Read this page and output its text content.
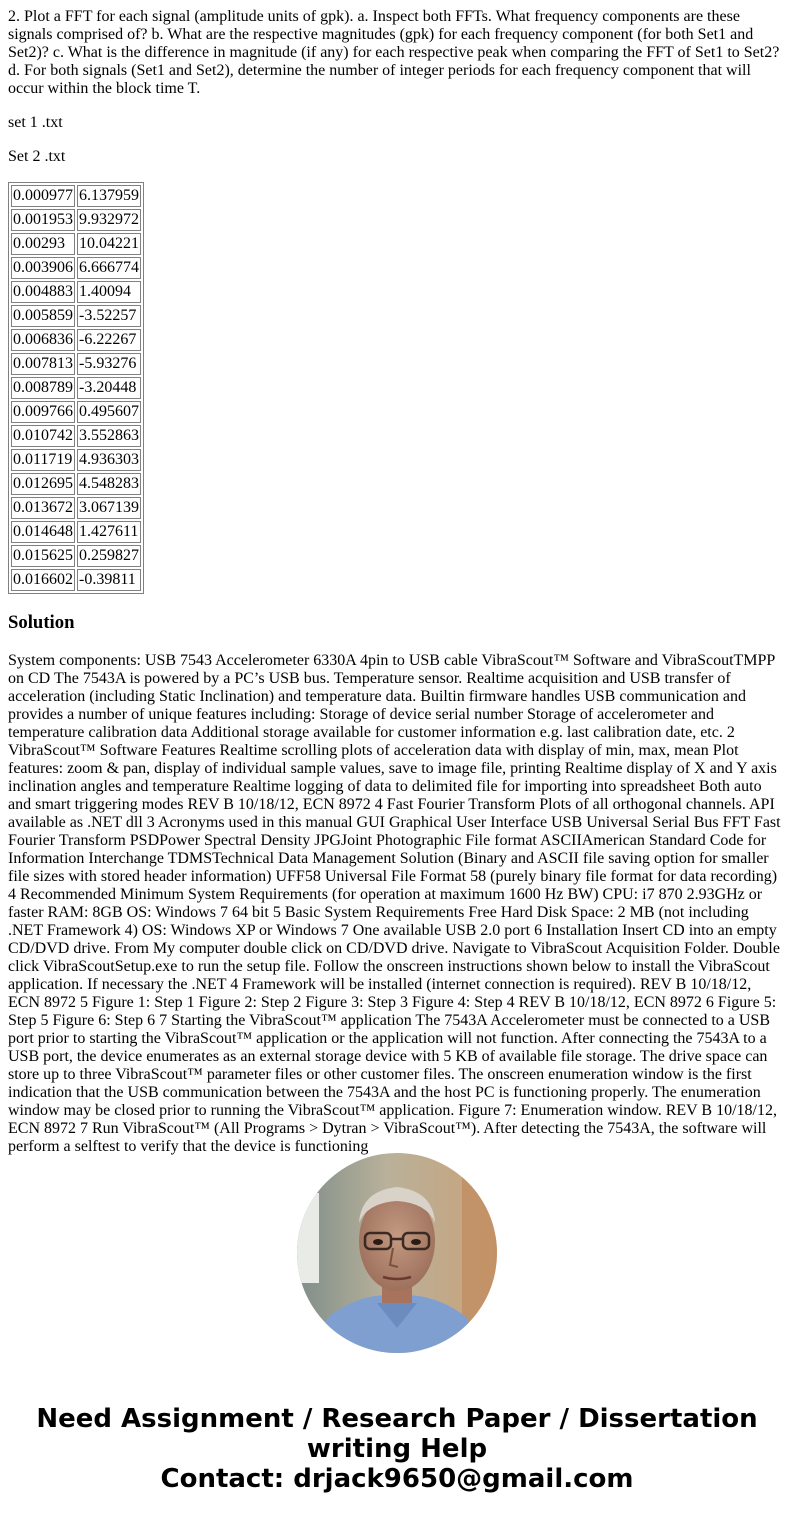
2. Plot a FFT for each signal (amplitude units of gpk). a. Inspect both FFTs. What frequency components are these signals comprised of? b. What are the respective magnitudes (gpk) for each frequency component (for both Set1 and Set2)? c. What is the difference in magnitude (if any) for each respective peak when comparing the FFT of Set1 to Set2? d. For both signals (Set1 and Set2), determine the number of integer periods for each frequency component that will occur within the block time T.

set 1 .txt

Set 2 .txt

0.000977	6.137959
0.001953	9.932972
0.00293	10.04221
0.003906	6.666774
0.004883	1.40094
0.005859	-3.52257
0.006836	-6.22267
0.007813	-5.93276
0.008789	-3.20448
0.009766	0.495607
0.010742	3.552863
0.011719	4.936303
0.012695	4.548283
0.013672	3.067139
0.014648	1.427611
0.015625	0.259827
0.016602	-0.39811
Solution

System components: USB 7543 Accelerometer 6330A 4pin to USB cable VibraScout™ Software and VibraScoutTMPP on CD The 7543A is powered by a PC’s USB bus. Temperature sensor. Realtime acquisition and USB transfer of acceleration (including Static Inclination) and temperature data. Builtin firmware handles USB communication and provides a number of unique features including: Storage of device serial number Storage of accelerometer and temperature calibration data Additional storage available for customer information e.g. last calibration date, etc. 2 VibraScout™ Software Features Realtime scrolling plots of acceleration data with display of min, max, mean Plot features: zoom & pan, display of individual sample values, save to image file, printing Realtime display of X and Y axis inclination angles and temperature Realtime logging of data to delimited file for importing into spreadsheet Both auto and smart triggering modes REV B 10/18/12, ECN 8972 4 Fast Fourier Transform Plots of all orthogonal channels. API available as .NET dll 3 Acronyms used in this manual GUI Graphical User Interface USB Universal Serial Bus FFT Fast Fourier Transform PSDPower Spectral Density JPGJoint Photographic File format ASCIIAmerican Standard Code for Information Interchange TDMSTechnical Data Management Solution (Binary and ASCII file saving option for smaller file sizes with stored header information) UFF58 Universal File Format 58 (purely binary file format for data recording) 4 Recommended Minimum System Requirements (for operation at maximum 1600 Hz BW) CPU: i7 870 2.93GHz or faster RAM: 8GB OS: Windows 7 64 bit 5 Basic System Requirements Free Hard Disk Space: 2 MB (not including .NET Framework 4) OS: Windows XP or Windows 7 One available USB 2.0 port 6 Installation Insert CD into an empty CD/DVD drive. From My computer double click on CD/DVD drive. Navigate to VibraScout Acquisition Folder. Double click VibraScoutSetup.exe to run the setup file. Follow the onscreen instructions shown below to install the VibraScout application. If necessary the .NET 4 Framework will be installed (internet connection is required). REV B 10/18/12, ECN 8972 5 Figure 1: Step 1 Figure 2: Step 2 Figure 3: Step 3 Figure 4: Step 4 REV B 10/18/12, ECN 8972 6 Figure 5: Step 5 Figure 6: Step 6 7 Starting the VibraScout™ application The 7543A Accelerometer must be connected to a USB port prior to starting the VibraScout™ application or the application will not function. After connecting the 7543A to a USB port, the device enumerates as an external storage device with 5 KB of available file storage. The drive space can store up to three VibraScout™ parameter files or other customer files. The onscreen enumeration window is the first indication that the USB communication between the 7543A and the host PC is functioning properly. The enumeration window may be closed prior to running the VibraScout™ application. Figure 7: Enumeration window. REV B 10/18/12, ECN 8972 7 Run VibraScout™ (All Programs > Dytran > VibraScout™). After detecting the 7543A, the software will perform a selftest to verify that the device is functioning

Need Assignment / Research Paper / Dissertation
writing Help
Contact: drjack9650@gmail.com
